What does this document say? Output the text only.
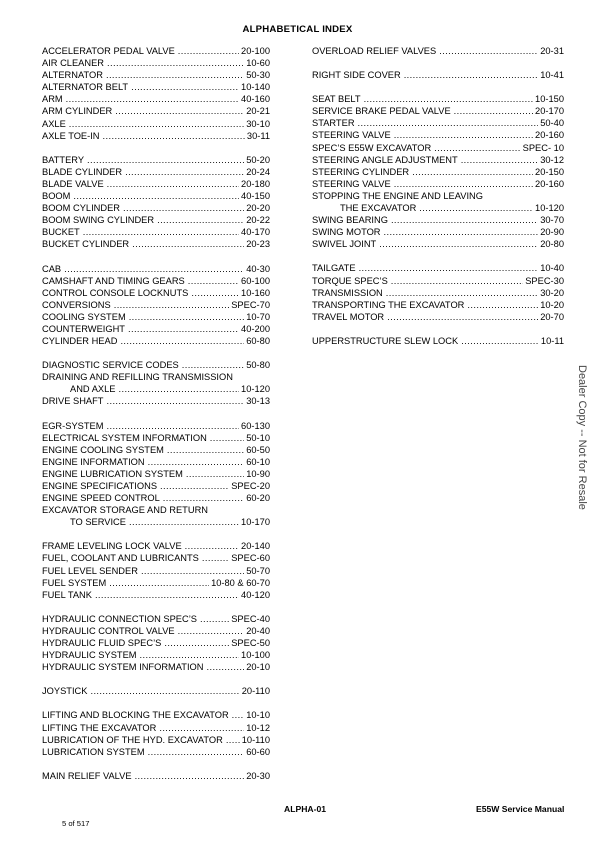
ALPHABETICAL INDEX
ACCELERATOR PEDAL VALVE .....	20-100
AIR CLEANER .....	10-60
ALTERNATOR .....	50-30
ALTERNATOR BELT .....	10-140
ARM .....	40-160
ARM CYLINDER .....	20-21
AXLE .....	30-10
AXLE TOE-IN .....	30-11
BATTERY .....	50-20
BLADE CYLINDER .....	20-24
BLADE VALVE .....	20-180
BOOM .....	40-150
BOOM CYLINDER .....	20-20
BOOM SWING CYLINDER .....	20-22
BUCKET .....	40-170
BUCKET CYLINDER .....	20-23
CAB .....	40-30
CAMSHAFT AND TIMING GEARS .....	60-100
CONTROL CONSOLE LOCKNUTS .....	10-160
CONVERSIONS .....	SPEC-70
COOLING SYSTEM .....	10-70
COUNTERWEIGHT .....	40-200
CYLINDER HEAD .....	60-80
DIAGNOSTIC SERVICE CODES .....	50-80
DRAINING AND REFILLING TRANSMISSION
AND AXLE .....	10-120
DRIVE SHAFT .....	30-13
EGR-SYSTEM .....	60-130
ELECTRICAL SYSTEM INFORMATION .....	50-10
ENGINE COOLING SYSTEM .....	60-50
ENGINE INFORMATION .....	60-10
ENGINE LUBRICATION SYSTEM .....	10-90
ENGINE SPECIFICATIONS .....	SPEC-20
ENGINE SPEED CONTROL .....	60-20
EXCAVATOR STORAGE AND RETURN
TO SERVICE .....	10-170
FRAME LEVELING LOCK VALVE .....	20-140
FUEL, COOLANT AND LUBRICANTS .....	SPEC-60
FUEL LEVEL SENDER .....	50-70
FUEL SYSTEM .....	10-80 & 60-70
FUEL TANK .....	40-120
HYDRAULIC CONNECTION SPEC’S .....	SPEC-40
HYDRAULIC CONTROL VALVE .....	20-40
HYDRAULIC FLUID SPEC’S .....	SPEC-50
HYDRAULIC SYSTEM .....	10-100
HYDRAULIC SYSTEM INFORMATION .....	20-10
JOYSTICK .....	20-110
LIFTING AND BLOCKING THE EXCAVATOR ..... 10-10
LIFTING THE EXCAVATOR .....	10-12
LUBRICATION OF THE HYD. EXCAVATOR ..... 10-110
LUBRICATION SYSTEM .....	60-60
MAIN RELIEF VALVE .....	20-30
OVERLOAD RELIEF VALVES .....	20-31
RIGHT SIDE COVER .....	10-41
SEAT BELT .....	10-150
SERVICE BRAKE PEDAL VALVE .....	20-170
STARTER .....	50-40
STEERING VALVE .....	20-160
SPEC’S E55W EXCAVATOR .....	SPEC- 10
STEERING ANGLE ADJUSTMENT .....	30-12
STEERING CYLINDER .....	20-150
STEERING VALVE .....	20-160
STOPPING THE ENGINE AND LEAVING
THE EXCAVATOR .....	10-120
SWING BEARING .....	30-70
SWING MOTOR .....	20-90
SWIVEL JOINT .....	20-80
TAILGATE .....	10-40
TORQUE SPEC’S .....	SPEC-30
TRANSMISSION .....	30-20
TRANSPORTING THE EXCAVATOR .....	10-20
TRAVEL MOTOR .....	20-70
UPPERSTRUCTURE SLEW LOCK .....	10-11
ALPHA-01	E55W Service Manual
5 of 517
Dealer Copy -- Not for Resale
